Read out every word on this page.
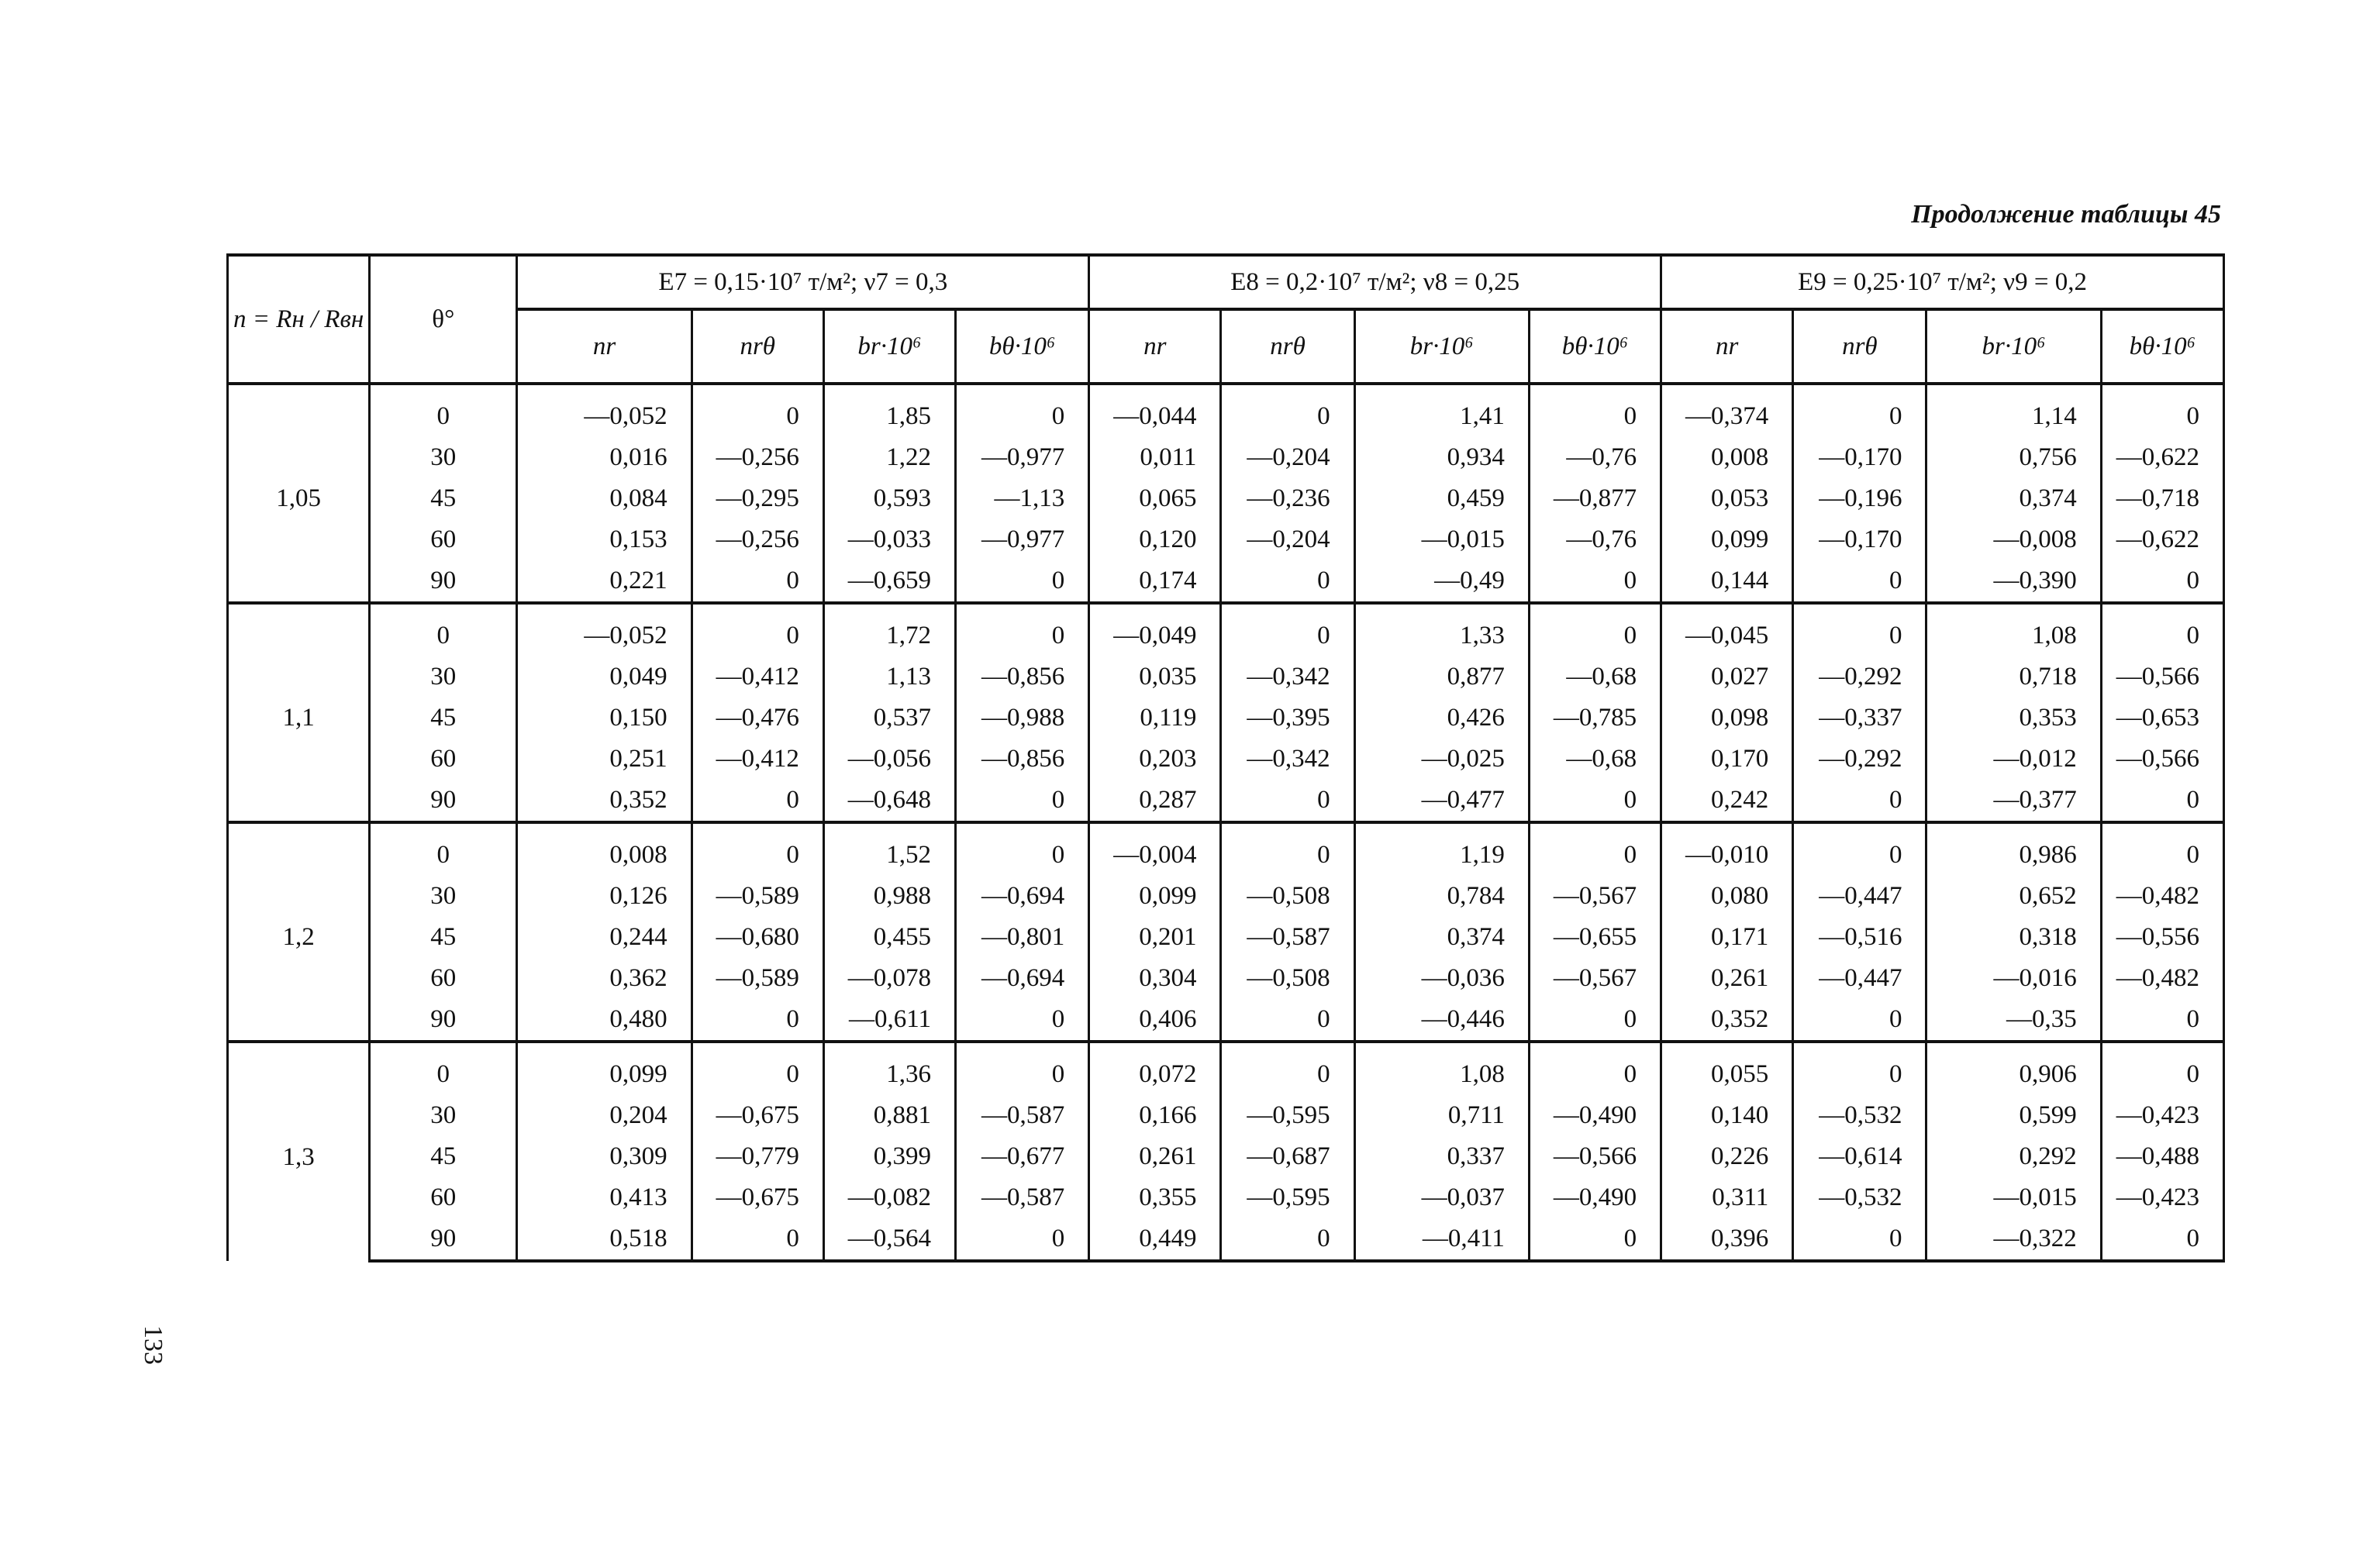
Продолжение таблицы 45
133
n = Rн / Rвн	θ°	E7 = 0,15·10⁷ т/м²; ν7 = 0,3				E8 = 0,2·10⁷ т/м²; ν8 = 0,25				E9 = 0,25·10⁷ т/м²; ν9 = 0,2			
		nr	nrθ	br·10⁶	bθ·10⁶	nr	nrθ	br·10⁶	bθ·10⁶	nr	nrθ	br·10⁶	bθ·10⁶

1,05	0	—0,052	0	1,85	0	—0,044	0	1,41	0	—0,374	0	1,14	0
	30	0,016	—0,256	1,22	—0,977	0,011	—0,204	0,934	—0,76	0,008	—0,170	0,756	—0,622
	45	0,084	—0,295	0,593	—1,13	0,065	—0,236	0,459	—0,877	0,053	—0,196	0,374	—0,718
	60	0,153	—0,256	—0,033	—0,977	0,120	—0,204	—0,015	—0,76	0,099	—0,170	—0,008	—0,622
	90	0,221	0	—0,659	0	0,174	0	—0,49	0	0,144	0	—0,390	0

1,1	0	—0,052	0	1,72	0	—0,049	0	1,33	0	—0,045	0	1,08	0
	30	0,049	—0,412	1,13	—0,856	0,035	—0,342	0,877	—0,68	0,027	—0,292	0,718	—0,566
	45	0,150	—0,476	0,537	—0,988	0,119	—0,395	0,426	—0,785	0,098	—0,337	0,353	—0,653
	60	0,251	—0,412	—0,056	—0,856	0,203	—0,342	—0,025	—0,68	0,170	—0,292	—0,012	—0,566
	90	0,352	0	—0,648	0	0,287	0	—0,477	0	0,242	0	—0,377	0

1,2	0	0,008	0	1,52	0	—0,004	0	1,19	0	—0,010	0	0,986	0
	30	0,126	—0,589	0,988	—0,694	0,099	—0,508	0,784	—0,567	0,080	—0,447	0,652	—0,482
	45	0,244	—0,680	0,455	—0,801	0,201	—0,587	0,374	—0,655	0,171	—0,516	0,318	—0,556
	60	0,362	—0,589	—0,078	—0,694	0,304	—0,508	—0,036	—0,567	0,261	—0,447	—0,016	—0,482
	90	0,480	0	—0,611	0	0,406	0	—0,446	0	0,352	0	—0,35	0

1,3	0	0,099	0	1,36	0	0,072	0	1,08	0	0,055	0	0,906	0
	30	0,204	—0,675	0,881	—0,587	0,166	—0,595	0,711	—0,490	0,140	—0,532	0,599	—0,423
	45	0,309	—0,779	0,399	—0,677	0,261	—0,687	0,337	—0,566	0,226	—0,614	0,292	—0,488
	60	0,413	—0,675	—0,082	—0,587	0,355	—0,595	—0,037	—0,490	0,311	—0,532	—0,015	—0,423
	90	0,518	0	—0,564	0	0,449	0	—0,411	0	0,396	0	—0,322	0
